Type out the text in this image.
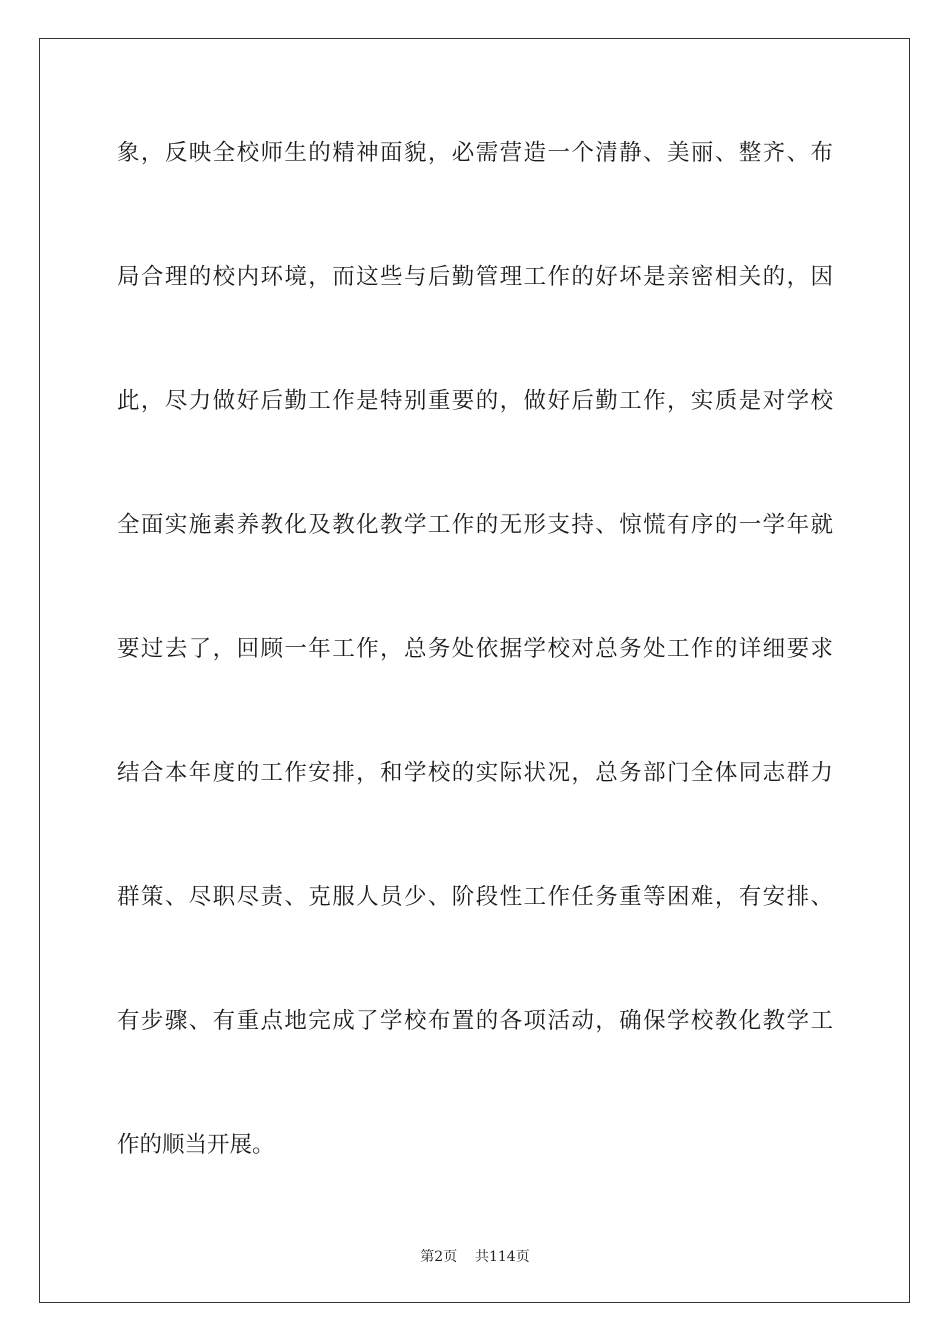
象，反映全校师生的精神面貌，必需营造一个清静、美丽、整齐、布
局合理的校内环境，而这些与后勤管理工作的好坏是亲密相关的，因
此，尽力做好后勤工作是特别重要的，做好后勤工作，实质是对学校
全面实施素养教化及教化教学工作的无形支持、惊慌有序的一学年就
要过去了，回顾一年工作，总务处依据学校对总务处工作的详细要求
结合本年度的工作安排，和学校的实际状况，总务部门全体同志群力
群策、尽职尽责、克服人员少、阶段性工作任务重等困难，有安排、
有步骤、有重点地完成了学校布置的各项活动，确保学校教化教学工
作的顺当开展。
第2页    共114页
